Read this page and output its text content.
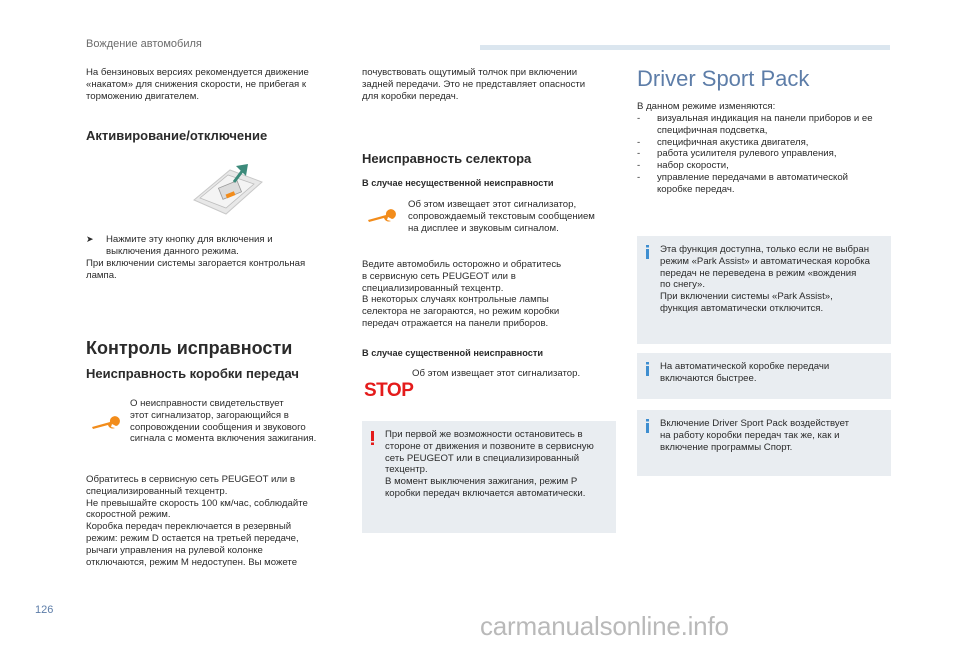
Вождение автомобиля

На бензиновых версиях рекомендуется движение

«накатом» для снижения скорости, не прибегая к

торможению двигателем.

Активирование/отключение

➤ Нажмите эту кнопку для включения и
выключения данного режима.

При включении системы загорается контрольная

лампа.

Контроль исправности

Неисправность коробки передач

О неисправности свидетельствует

этот сигнализатор, загорающийся в

сопровождении сообщения и звукового

сигнала с момента включения зажигания.

Обратитесь в сервисную сеть PEUGEOT или в

специализированный техцентр.

Не превышайте скорость 100 км/час, соблюдайте

скоростной режим.

Коробка передач переключается в резервный

режим: режим D остается на третьей передаче,

рычаги управления на рулевой колонке

отключаются, режим M недоступен. Вы можете

почувствовать ощутимый толчок при включении

задней передачи. Это не представляет опасности

для коробки передач.

Неисправность селектора

В случае несущественной неисправности

Об этом извещает этот сигнализатор,

сопровождаемый текстовым сообщением

на дисплее и звуковым сигналом.

Ведите автомобиль осторожно и обратитесь

в сервисную сеть PEUGEOT или в

специализированный техцентр.

В некоторых случаях контрольные лампы

селектора не загораются, но режим коробки

передач отражается на панели приборов.

В случае существенной неисправности

STOP

Об этом извещает этот сигнализатор.

При первой же возможности остановитесь в

стороне от движения и позвоните в сервисную

сеть PEUGEOT или в специализированный

техцентр.

В момент выключения зажигания, режим P

коробки передач включается автоматически.

Driver Sport Pack

В данном режиме изменяются:

- визуальная индикация на панели приборов и ее
специфичная подсветка,
- специфичная акустика двигателя,
- работа усилителя рулевого управления,
- набор скорости,
- управление передачами в автоматической
коробке передач.

Эта функция доступна, только если не выбран

режим «Park Assist» и автоматическая коробка

передач не переведена в режим «вождения

по снегу».

При включении системы «Park Assist»,

функция автоматически отключится.

На автоматической коробке передачи

включаются быстрее.

Включение Driver Sport Pack воздействует

на работу коробки передач так же, как и

включение программы Спорт.

126
carmanualsonline.info
